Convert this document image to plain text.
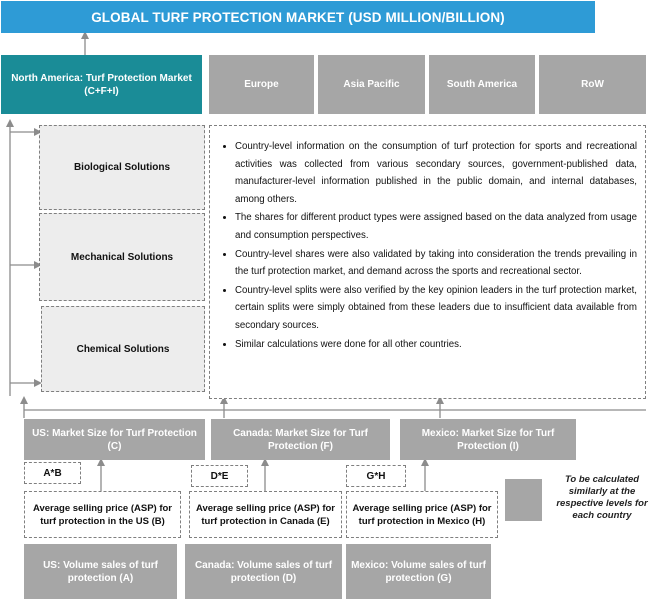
GLOBAL TURF PROTECTION MARKET (USD MILLION/BILLION)
North America: Turf Protection Market (C+F+I)
Europe	Asia Pacific	South America	RoW
Biological Solutions
Mechanical Solutions
Chemical Solutions
• Country-level information on the consumption of turf protection for sports and recreational activities was collected from various secondary sources, government-published data, manufacturer-level information published in the public domain, and internal databases, among others.
• The shares for different product types were assigned based on the data analyzed from usage and consumption perspectives.
• Country-level shares were also validated by taking into consideration the trends prevailing in the turf protection market, and demand across the sports and recreational sector.
• Country-level splits were also verified by the key opinion leaders in the turf protection market, certain splits were simply obtained from these leaders due to insufficient data available from secondary sources.
• Similar calculations were done for all other countries.
US: Market Size for Turf Protection (C)
Canada: Market Size for Turf Protection (F)
Mexico: Market Size for Turf Protection (I)
A*B	D*E	G*H
Average selling price (ASP) for turf protection in the US (B)
Average selling price (ASP) for turf protection in Canada (E)
Average selling price (ASP) for turf protection in Mexico (H)
US: Volume sales of turf protection (A)
Canada: Volume sales of turf protection (D)
Mexico: Volume sales of turf protection (G)
To be calculated similarly at the respective levels for each country
